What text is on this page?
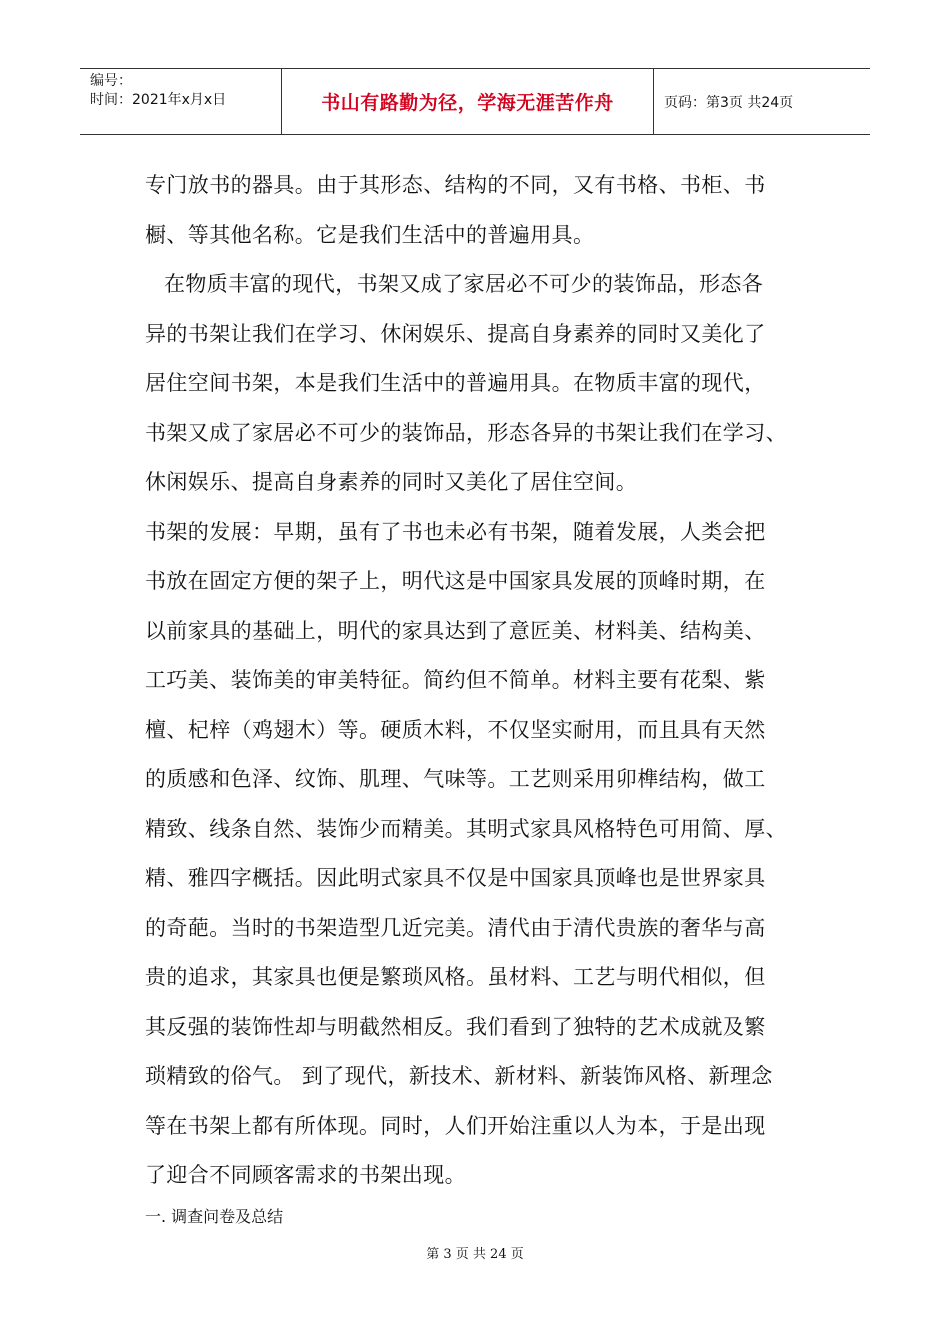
编号：
时间：2021年x月x日	书山有路勤为径，学海无涯苦作舟	页码：第3页 共24页
专门放书的器具。由于其形态、结构的不同，又有书格、书柜、书
橱、等其他名称。它是我们生活中的普遍用具。
在物质丰富的现代，书架又成了家居必不可少的装饰品，形态各
异的书架让我们在学习、休闲娱乐、提高自身素养的同时又美化了
居住空间书架，本是我们生活中的普遍用具。在物质丰富的现代，
书架又成了家居必不可少的装饰品，形态各异的书架让我们在学习、
休闲娱乐、提高自身素养的同时又美化了居住空间。
书架的发展：早期，虽有了书也未必有书架，随着发展，人类会把
书放在固定方便的架子上，明代这是中国家具发展的顶峰时期，在
以前家具的基础上，明代的家具达到了意匠美、材料美、结构美、
工巧美、装饰美的审美特征。简约但不简单。材料主要有花梨、紫
檀、杞梓（鸡翅木）等。硬质木料，不仅坚实耐用，而且具有天然
的质感和色泽、纹饰、肌理、气味等。工艺则采用卯榫结构，做工
精致、线条自然、装饰少而精美。其明式家具风格特色可用简、厚、
精、雅四字概括。因此明式家具不仅是中国家具顶峰也是世界家具
的奇葩。当时的书架造型几近完美。清代由于清代贵族的奢华与高
贵的追求，其家具也便是繁琐风格。虽材料、工艺与明代相似，但
其反强的装饰性却与明截然相反。我们看到了独特的艺术成就及繁
琐精致的俗气。 到了现代，新技术、新材料、新装饰风格、新理念
等在书架上都有所体现。同时，人们开始注重以人为本，于是出现
了迎合不同顾客需求的书架出现。
一. 调查问卷及总结
第 3 页 共 24 页
